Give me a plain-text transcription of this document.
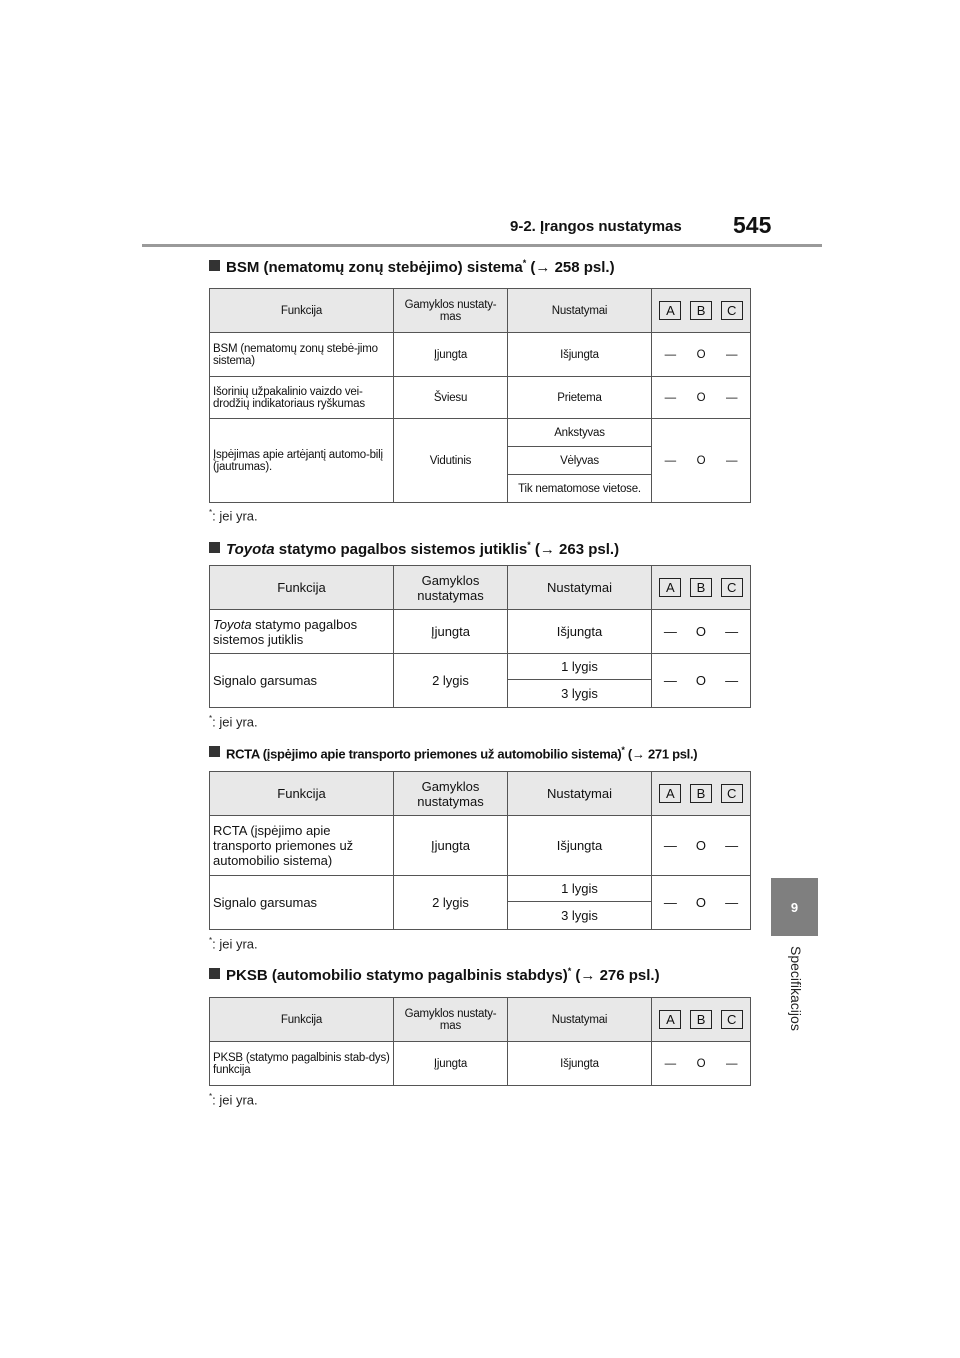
9-2. Įrangos nustatymas 545
9
Specifikacijos
BSM (nematomų zonų stebėjimo) sistema* (→ 258 psl.)
Funkcija	Gamyklos nustaty-mas	Nustatymai	A B C

BSM (nematomų zonų stebė-jimo sistema)	Įjungta	Išjungta	— O —

Išorinių užpakalinio vaizdo vei-drodžių indikatoriaus ryškumas	Šviesu	Prietema	— O —

Įspėjimas apie artėjantį automo-bilį (jautrumas).	Vidutinis	Ankstyvas	— O —

		Vėlyvas	
		Tik nematomose vietose.	
*: jei yra.
Toyota statymo pagalbos sistemos jutiklis* (→ 263 psl.)
Funkcija	Gamyklos nustatymas	Nustatymai	A B C

Toyota statymo pagalbos sistemos jutiklis	Įjungta	Išjungta	— O —

Signalo garsumas	2 lygis	1 lygis	— O —

		3 lygis	
*: jei yra.
RCTA (įspėjimo apie transporto priemones už automobilio sistema)* (→ 271 psl.)
Funkcija	Gamyklos nustatymas	Nustatymai	A B C

RCTA (įspėjimo apie transporto priemones už automobilio sistema)	Įjungta	Išjungta	— O —

Signalo garsumas	2 lygis	1 lygis	— O —

		3 lygis	
*: jei yra.
PKSB (automobilio statymo pagalbinis stabdys)* (→ 276 psl.)
Funkcija	Gamyklos nustaty-mas	Nustatymai	A B C

PKSB (statymo pagalbinis stab-dys) funkcija	Įjungta	Išjungta	— O —
*: jei yra.
